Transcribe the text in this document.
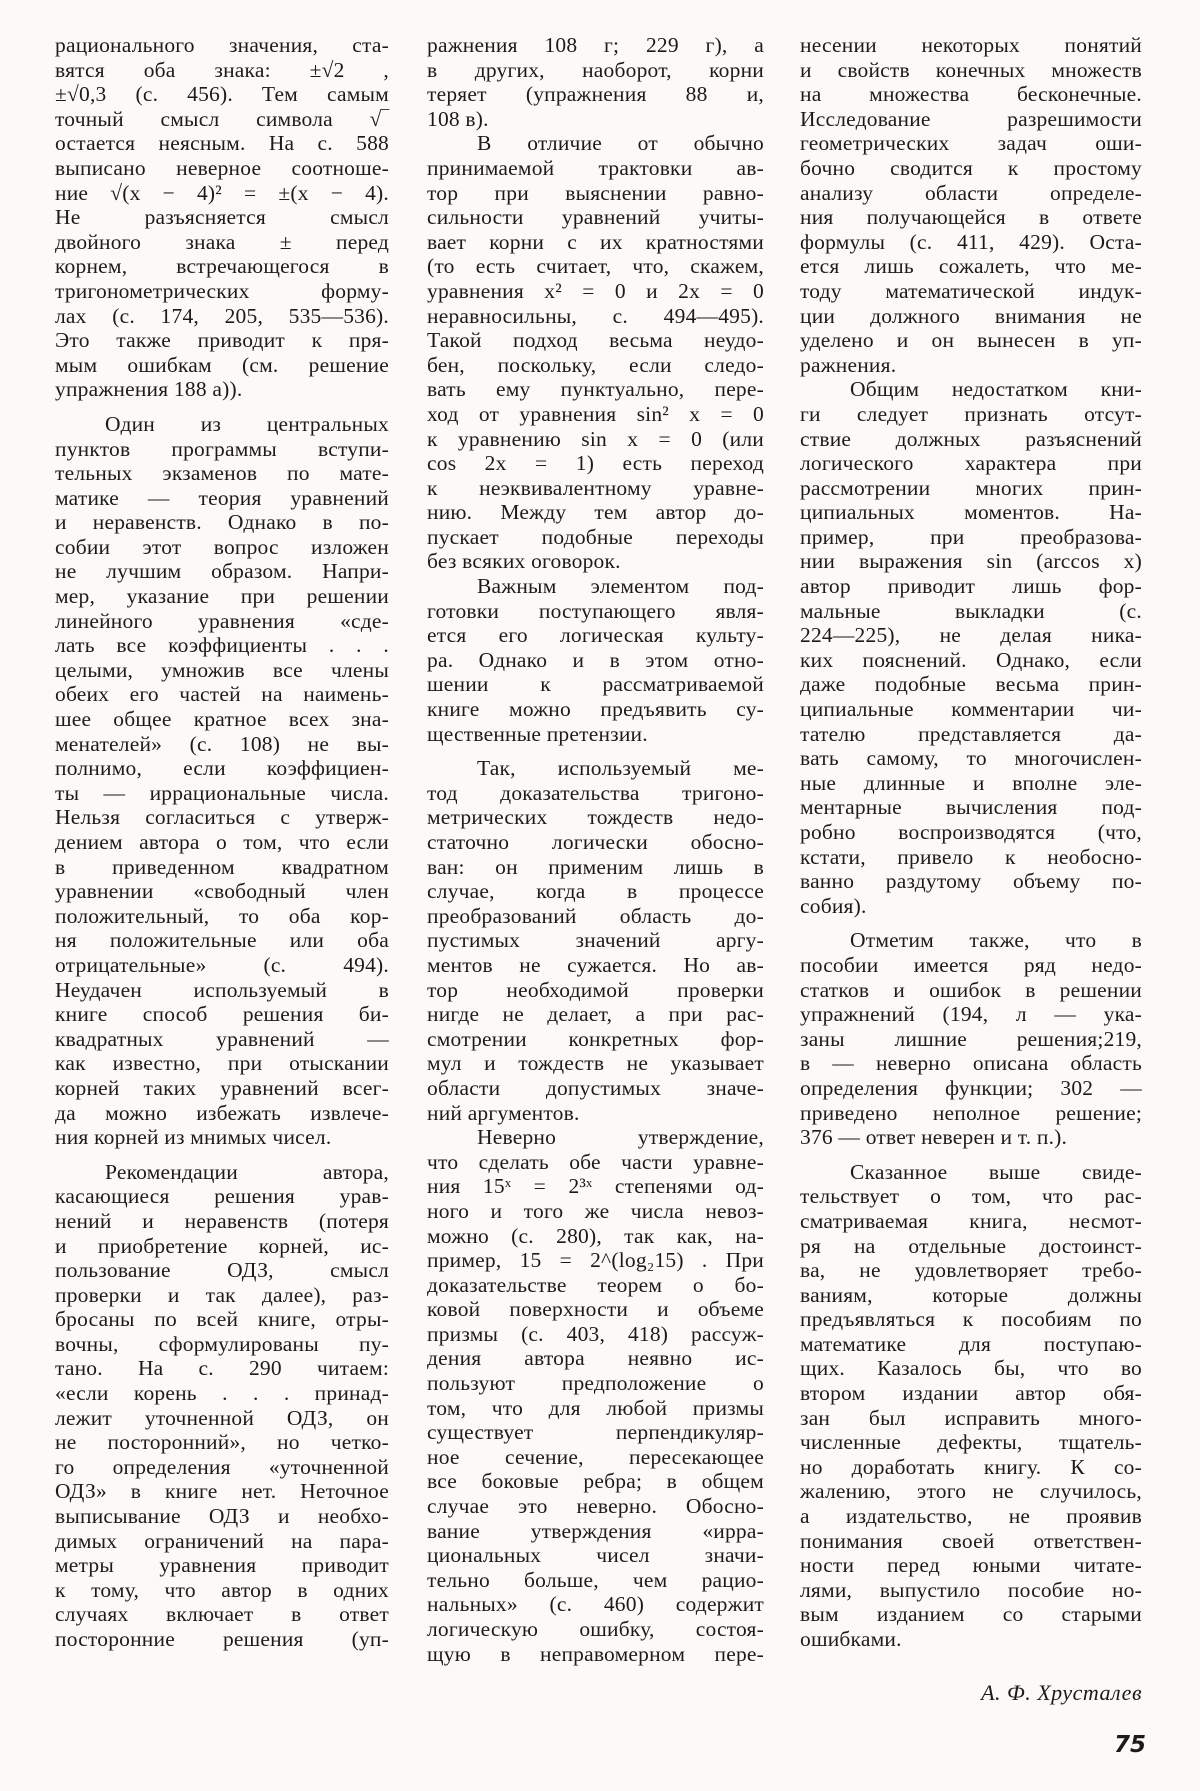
рационального значения, ста-
вятся оба знака: ±√2 ,
±√0,3 (с. 456). Тем самым
точный смысл символа √‾
остается неясным. На с. 588
выписано неверное соотноше-
ние √(x − 4)² = ±(x − 4).
Не разъясняется смысл
двойного знака ± перед
корнем, встречающегося в
тригонометрических форму-
лах (с. 174, 205, 535—536).
Это также приводит к пря-
мым ошибкам (см. решение
упражнения 188 а)).
Один из центральных
пунктов программы вступи-
тельных экзаменов по мате-
матике — теория уравнений
и неравенств. Однако в по-
собии этот вопрос изложен
не лучшим образом. Напри-
мер, указание при решении
линейного уравнения «сде-
лать все коэффициенты . . .
целыми, умножив все члены
обеих его частей на наимень-
шее общее кратное всех зна-
менателей» (с. 108) не вы-
полнимо, если коэффициен-
ты — иррациональные числа.
Нельзя согласиться с утверж-
дением автора о том, что если
в приведенном квадратном
уравнении «свободный член
положительный, то оба кор-
ня положительные или оба
отрицательные» (с. 494).
Неудачен используемый в
книге способ решения би-
квадратных уравнений —
как известно, при отыскании
корней таких уравнений всег-
да можно избежать извлече-
ния корней из мнимых чисел.
Рекомендации автора,
касающиеся решения урав-
нений и неравенств (потеря
и приобретение корней, ис-
пользование ОДЗ, смысл
проверки и так далее), раз-
бросаны по всей книге, отры-
вочны, сформулированы пу-
тано. На с. 290 читаем:
«если корень . . . принад-
лежит уточненной ОДЗ, он
не посторонний», но четко-
го определения «уточненной
ОДЗ» в книге нет. Неточное
выписывание ОДЗ и необхо-
димых ограничений на пара-
метры уравнения приводит
к тому, что автор в одних
случаях включает в ответ
посторонние решения (уп-
ражнения 108 г; 229 г), а
в других, наоборот, корни
теряет (упражнения 88 и,
108 в).
В отличие от обычно
принимаемой трактовки ав-
тор при выяснении равно-
сильности уравнений учиты-
вает корни с их кратностями
(то есть считает, что, скажем,
уравнения x² = 0 и 2x = 0
неравносильны, с. 494—495).
Такой подход весьма неудо-
бен, поскольку, если следо-
вать ему пунктуально, пере-
ход от уравнения sin² x = 0
к уравнению sin x = 0 (или
cos 2x = 1) есть переход
к неэквивалентному уравне-
нию. Между тем автор до-
пускает подобные переходы
без всяких оговорок.
Важным элементом под-
готовки поступающего явля-
ется его логическая культу-
ра. Однако и в этом отно-
шении к рассматриваемой
книге можно предъявить су-
щественные претензии.
Так, используемый ме-
тод доказательства тригоно-
метрических тождеств недо-
статочно логически обосно-
ван: он применим лишь в
случае, когда в процессе
преобразований область до-
пустимых значений аргу-
ментов не сужается. Но ав-
тор необходимой проверки
нигде не делает, а при рас-
смотрении конкретных фор-
мул и тождеств не указывает
области допустимых значе-
ний аргументов.
Неверно утверждение,
что сделать обе части уравне-
ния 15ˣ = 2³ˣ степенями од-
ного и того же числа невоз-
можно (с. 280), так как, на-
пример, 15 = 2^(log₂15) . При
доказательстве теорем о бо-
ковой поверхности и объеме
призмы (с. 403, 418) рассуж-
дения автора неявно ис-
пользуют предположение о
том, что для любой призмы
существует перпендикуляр-
ное сечение, пересекающее
все боковые ребра; в общем
случае это неверно. Обосно-
вание утверждения «ирра-
циональных чисел значи-
тельно больше, чем рацио-
нальных» (с. 460) содержит
логическую ошибку, состоя-
щую в неправомерном пере-
несении некоторых понятий
и свойств конечных множеств
на множества бесконечные.
Исследование разрешимости
геометрических задач оши-
бочно сводится к простому
анализу области определе-
ния получающейся в ответе
формулы (с. 411, 429). Оста-
ется лишь сожалеть, что ме-
тоду математической индук-
ции должного внимания не
уделено и он вынесен в уп-
ражнения.
Общим недостатком кни-
ги следует признать отсут-
ствие должных разъяснений
логического характера при
рассмотрении многих прин-
ципиальных моментов. На-
пример, при преобразова-
нии выражения sin (arccos x)
автор приводит лишь фор-
мальные выкладки (с.
224—225), не делая ника-
ких пояснений. Однако, если
даже подобные весьма прин-
ципиальные комментарии чи-
тателю представляется да-
вать самому, то многочислен-
ные длинные и вполне эле-
ментарные вычисления под-
робно воспроизводятся (что,
кстати, привело к необосно-
ванно раздутому объему по-
собия).
Отметим также, что в
пособии имеется ряд недо-
статков и ошибок в решении
упражнений (194, л — ука-
заны лишние решения;219,
в — неверно описана область
определения функции; 302 —
приведено неполное решение;
376 — ответ неверен и т. п.).
Сказанное выше свиде-
тельствует о том, что рас-
сматриваемая книга, несмот-
ря на отдельные достоинст-
ва, не удовлетворяет требо-
ваниям, которые должны
предъявляться к пособиям по
математике для поступаю-
щих. Казалось бы, что во
втором издании автор обя-
зан был исправить много-
численные дефекты, тщатель-
но доработать книгу. К со-
жалению, этого не случилось,
а издательство, не проявив
понимания своей ответствен-
ности перед юными читате-
лями, выпустило пособие но-
вым изданием со старыми
ошибками.
А. Ф. Хрусталев
75
